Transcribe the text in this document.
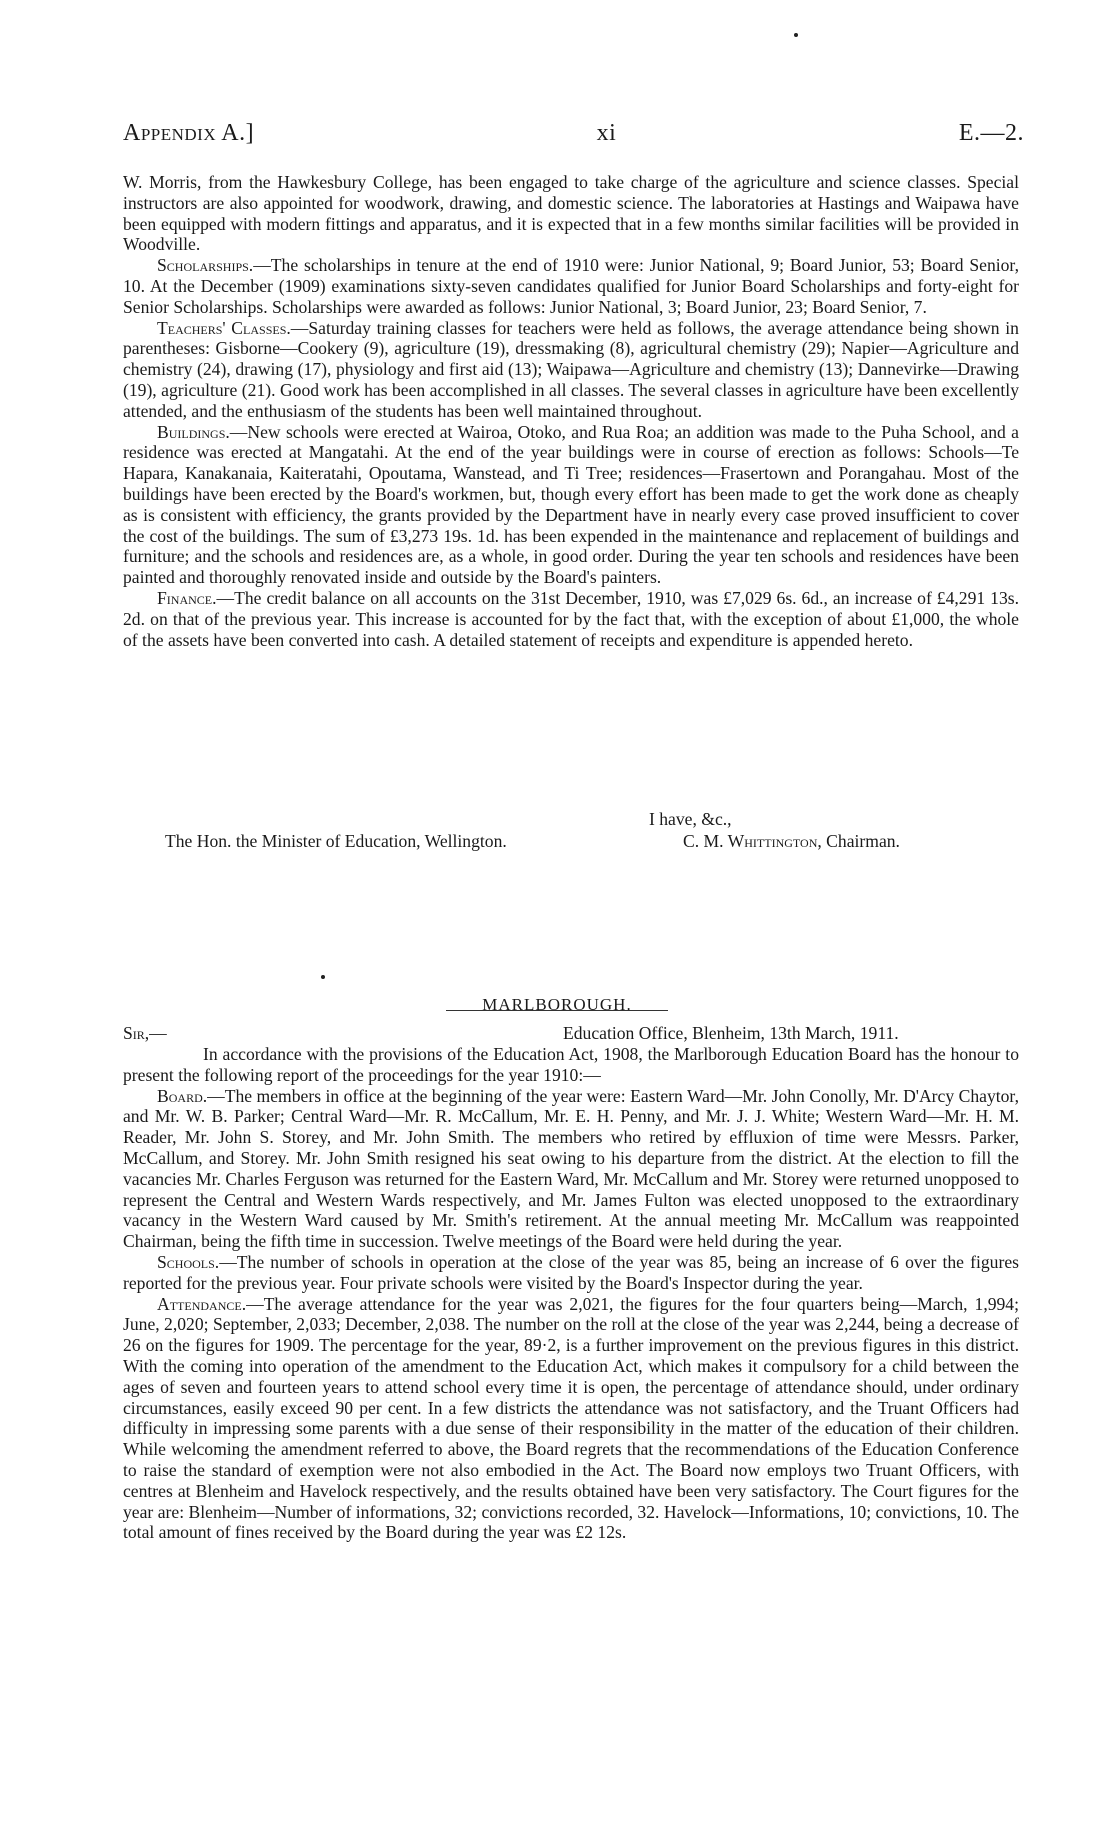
Appendix A.]	xi	E.—2.

W. Morris, from the Hawkesbury College, has been engaged to take charge of the agriculture and science classes. Special instructors are also appointed for woodwork, drawing, and domestic science. The laboratories at Hastings and Waipawa have been equipped with modern fittings and apparatus, and it is expected that in a few months similar facilities will be provided in Woodville.

Scholarships.—The scholarships in tenure at the end of 1910 were: Junior National, 9; Board Junior, 53; Board Senior, 10. At the December (1909) examinations sixty-seven candidates qualified for Junior Board Scholarships and forty-eight for Senior Scholarships. Scholarships were awarded as follows: Junior National, 3; Board Junior, 23; Board Senior, 7.

Teachers' Classes.—Saturday training classes for teachers were held as follows, the average attendance being shown in parentheses: Gisborne—Cookery (9), agriculture (19), dressmaking (8), agricultural chemistry (29); Napier—Agriculture and chemistry (24), drawing (17), physiology and first aid (13); Waipawa—Agriculture and chemistry (13); Dannevirke—Drawing (19), agriculture (21). Good work has been accomplished in all classes. The several classes in agriculture have been excellently attended, and the enthusiasm of the students has been well maintained throughout.

Buildings.—New schools were erected at Wairoa, Otoko, and Rua Roa; an addition was made to the Puha School, and a residence was erected at Mangatahi. At the end of the year buildings were in course of erection as follows: Schools—Te Hapara, Kanakanaia, Kaiteratahi, Opoutama, Wanstead, and Ti Tree; residences—Frasertown and Porangahau. Most of the buildings have been erected by the Board's workmen, but, though every effort has been made to get the work done as cheaply as is consistent with efficiency, the grants provided by the Department have in nearly every case proved insufficient to cover the cost of the buildings. The sum of £3,273 19s. 1d. has been expended in the maintenance and replacement of buildings and furniture; and the schools and residences are, as a whole, in good order. During the year ten schools and residences have been painted and thoroughly renovated inside and outside by the Board's painters.

Finance.—The credit balance on all accounts on the 31st December, 1910, was £7,029 6s. 6d., an increase of £4,291 13s. 2d. on that of the previous year. This increase is accounted for by the fact that, with the exception of about £1,000, the whole of the assets have been converted into cash. A detailed statement of receipts and expenditure is appended hereto.

I have, &c.,
The Hon. the Minister of Education, Wellington.	C. M. Whittington, Chairman.
MARLBOROUGH.
Sir,—	Education Office, Blenheim, 13th March, 1911.

In accordance with the provisions of the Education Act, 1908, the Marlborough Education Board has the honour to present the following report of the proceedings for the year 1910:—

Board.—The members in office at the beginning of the year were: Eastern Ward—Mr. John Conolly, Mr. D'Arcy Chaytor, and Mr. W. B. Parker; Central Ward—Mr. R. McCallum, Mr. E. H. Penny, and Mr. J. J. White; Western Ward—Mr. H. M. Reader, Mr. John S. Storey, and Mr. John Smith. The members who retired by effluxion of time were Messrs. Parker, McCallum, and Storey. Mr. John Smith resigned his seat owing to his departure from the district. At the election to fill the vacancies Mr. Charles Ferguson was returned for the Eastern Ward, Mr. McCallum and Mr. Storey were returned unopposed to represent the Central and Western Wards respectively, and Mr. James Fulton was elected unopposed to the extraordinary vacancy in the Western Ward caused by Mr. Smith's retirement. At the annual meeting Mr. McCallum was reappointed Chairman, being the fifth time in succession. Twelve meetings of the Board were held during the year.

Schools.—The number of schools in operation at the close of the year was 85, being an increase of 6 over the figures reported for the previous year. Four private schools were visited by the Board's Inspector during the year.

Attendance.—The average attendance for the year was 2,021, the figures for the four quarters being—March, 1,994; June, 2,020; September, 2,033; December, 2,038. The number on the roll at the close of the year was 2,244, being a decrease of 26 on the figures for 1909. The percentage for the year, 89·2, is a further improvement on the previous figures in this district. With the coming into operation of the amendment to the Education Act, which makes it compulsory for a child between the ages of seven and fourteen years to attend school every time it is open, the percentage of attendance should, under ordinary circumstances, easily exceed 90 per cent. In a few districts the attendance was not satisfactory, and the Truant Officers had difficulty in impressing some parents with a due sense of their responsibility in the matter of the education of their children. While welcoming the amendment referred to above, the Board regrets that the recommendations of the Education Conference to raise the standard of exemption were not also embodied in the Act. The Board now employs two Truant Officers, with centres at Blenheim and Havelock respectively, and the results obtained have been very satisfactory. The Court figures for the year are: Blenheim—Number of informations, 32; convictions recorded, 32. Havelock—Informations, 10; convictions, 10. The total amount of fines received by the Board during the year was £2 12s.
